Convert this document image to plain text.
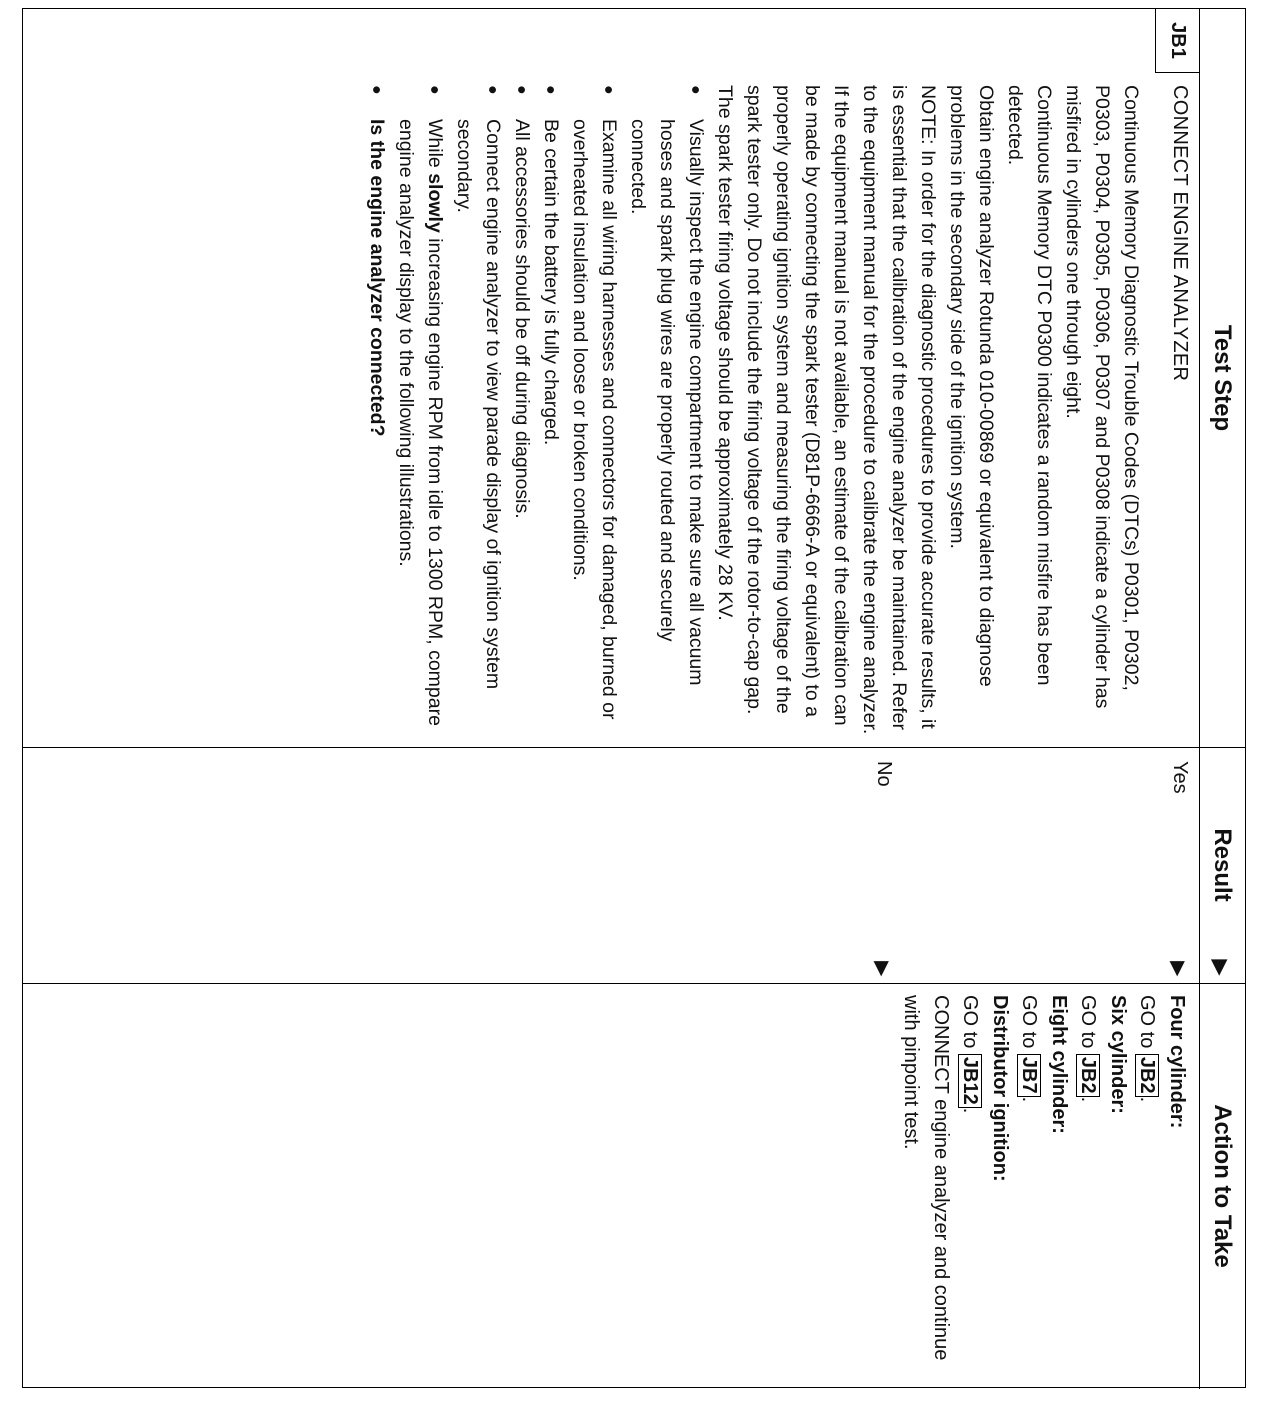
Test Step
Result
▶
Action to Take
JB1
CONNECT ENGINE ANALYZER

Continuous Memory Diagnostic Trouble Codes (DTCs) P0301, P0302, P0303, P0304, P0305, P0306, P0307 and P0308 indicate a cylinder has misfired in cylinders one through eight.

Continuous Memory DTC P0300 indicates a random misfire has been detected.

Obtain engine analyzer Rotunda 010-00869 or equivalent to diagnose problems in the secondary side of the ignition system.

NOTE: In order for the diagnostic procedures to provide accurate results, it is essential that the calibration of the engine analyzer be maintained. Refer to the equipment manual for the procedure to calibrate the engine analyzer. If the equipment manual is not available, an estimate of the calibration can be made by connecting the spark tester (D81P-6666-A or equivalent) to a properly operating ignition system and measuring the firing voltage of the spark tester only. Do not include the firing voltage of the rotor-to-cap gap. The spark tester firing voltage should be approximately 28 KV.

● Visually inspect the engine compartment to make sure all vacuum hoses and spark plug wires are properly routed and securely connected.
● Examine all wiring harnesses and connectors for damaged, burned or overheated insulation and loose or broken conditions.
● Be certain the battery is fully charged.
● All accessories should be off during diagnosis.
● Connect engine analyzer to view parade display of ignition system secondary.
● While slowly increasing engine RPM from idle to 1300 RPM, compare engine analyzer display to the following illustrations.
● Is the engine analyzer connected?
Yes
No
▶
▶
Four cylinder:
GO to JB2.
Six cylinder:
GO to JB2.
Eight cylinder:
GO to JB7.
Distributor ignition:
GO to JB12.
CONNECT engine analyzer and continue with pinpoint test.
